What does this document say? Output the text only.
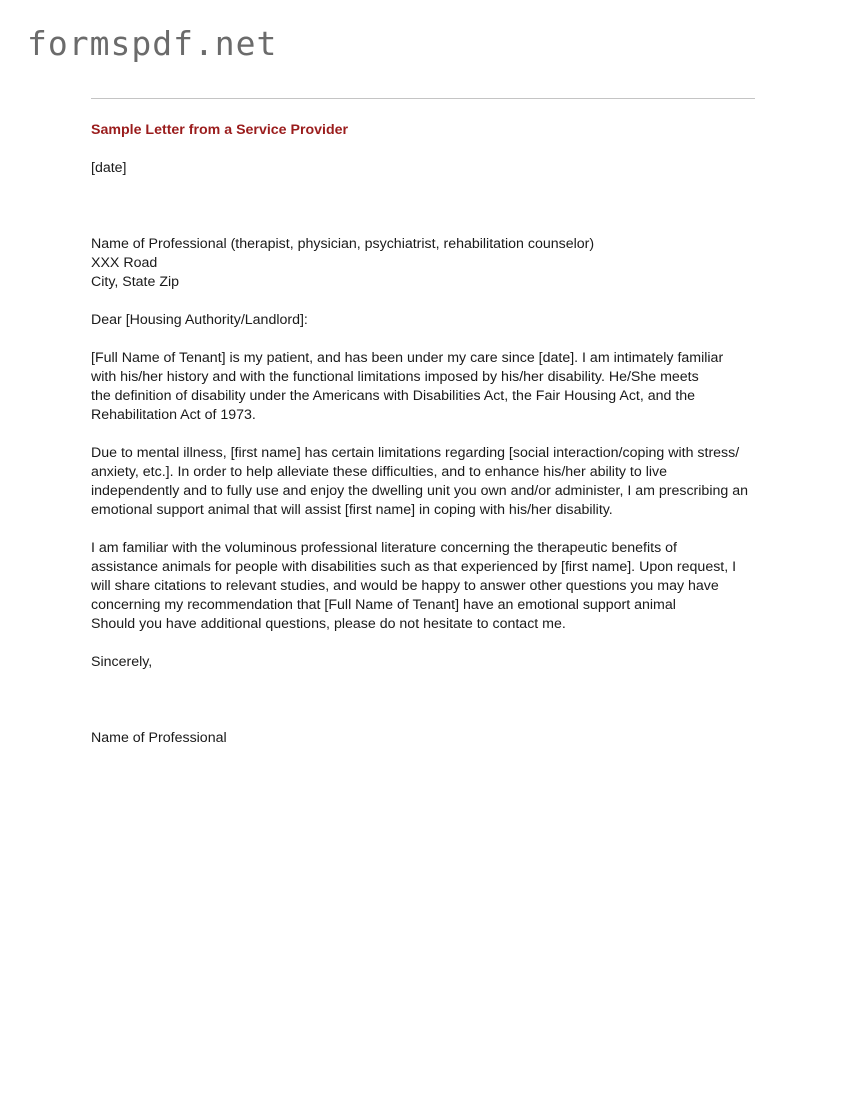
formspdf.net
Sample Letter from a Service Provider
[date]
Name of Professional (therapist, physician, psychiatrist, rehabilitation counselor)
XXX Road
City, State Zip
Dear [Housing Authority/Landlord]:
[Full Name of Tenant] is my patient, and has been under my care since [date]. I am intimately familiar
with his/her history and with the functional limitations imposed by his/her disability. He/She meets
the definition of disability under the Americans with Disabilities Act, the Fair Housing Act, and the
Rehabilitation Act of 1973.
Due to mental illness, [first name] has certain limitations regarding [social interaction/coping with stress/
anxiety, etc.]. In order to help alleviate these difficulties, and to enhance his/her ability to live
independently and to fully use and enjoy the dwelling unit you own and/or administer, I am prescribing an
emotional support animal that will assist [first name] in coping with his/her disability.
I am familiar with the voluminous professional literature concerning the therapeutic benefits of
assistance animals for people with disabilities such as that experienced by [first name]. Upon request, I
will share citations to relevant studies, and would be happy to answer other questions you may have
concerning my recommendation that [Full Name of Tenant] have an emotional support animal
Should you have additional questions, please do not hesitate to contact me.
Sincerely,
Name of Professional
